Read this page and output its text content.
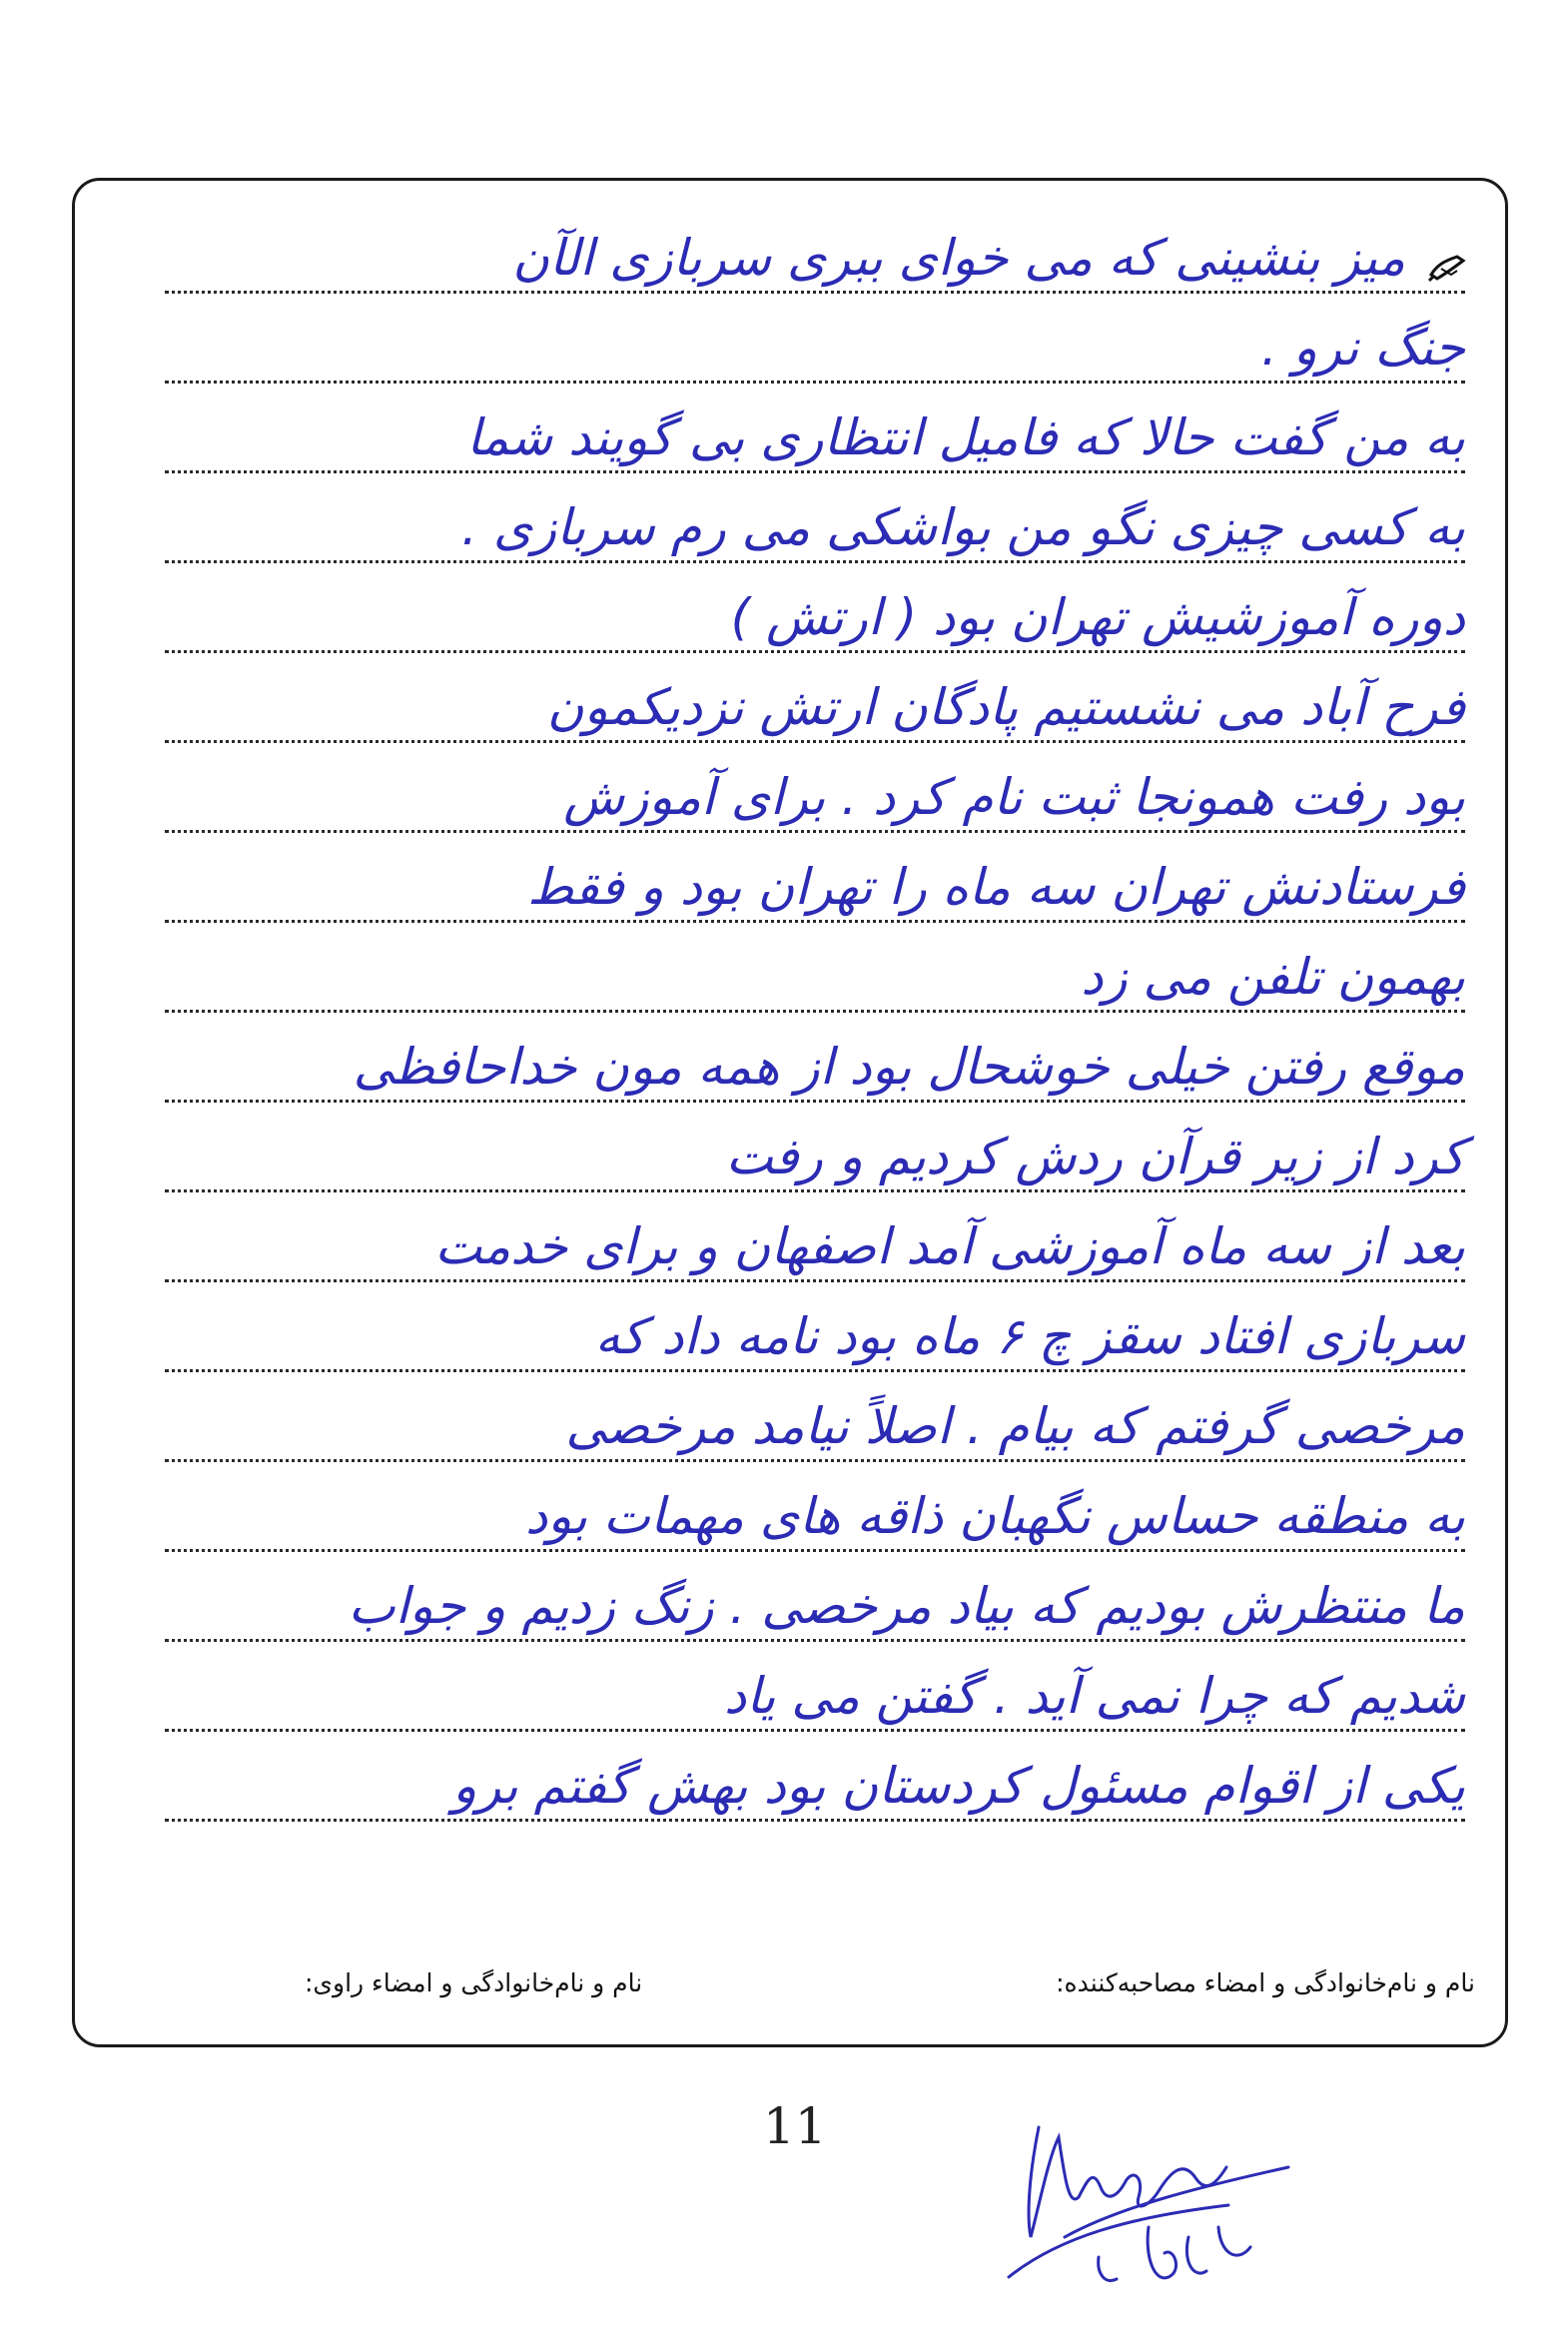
میز بنشینی که می خوای ببری سربازی الآن
جنگ نرو .
به من گفت حالا که فامیل انتظاری بی گویند شما
به کسی چیزی نگو من بواشکی می رم سربازی .
دوره آموزشیش تهران بود ( ارتش )
فرح آباد می نشستیم پادگان ارتش نزدیکمون
بود رفت همونجا ثبت نام کرد . برای آموزش
فرستادنش تهران سه ماه را تهران بود و فقط
بهمون تلفن می زد
موقع رفتن خیلی خوشحال بود از همه مون خداحافظی
کرد از زیر قرآن ردش کردیم و رفت
بعد از سه ماه آموزشی آمد اصفهان و برای خدمت
سربازی افتاد سقز چ ۶ ماه بود نامه داد که
مرخصی گرفتم که بیام . اصلاً نیامد مرخصی
به منطقه حساس نگهبان ذاقه های مهمات بود
ما منتظرش بودیم که بیاد مرخصی . زنگ زدیم و جواب
شدیم که چرا نمی آید . گفتن می یاد
یکی از اقوام مسئول کردستان بود بهش گفتم برو
نام و نام‌خانوادگی و امضاء مصاحبه‌کننده:
نام و نام‌خانوادگی و امضاء راوی:
11
